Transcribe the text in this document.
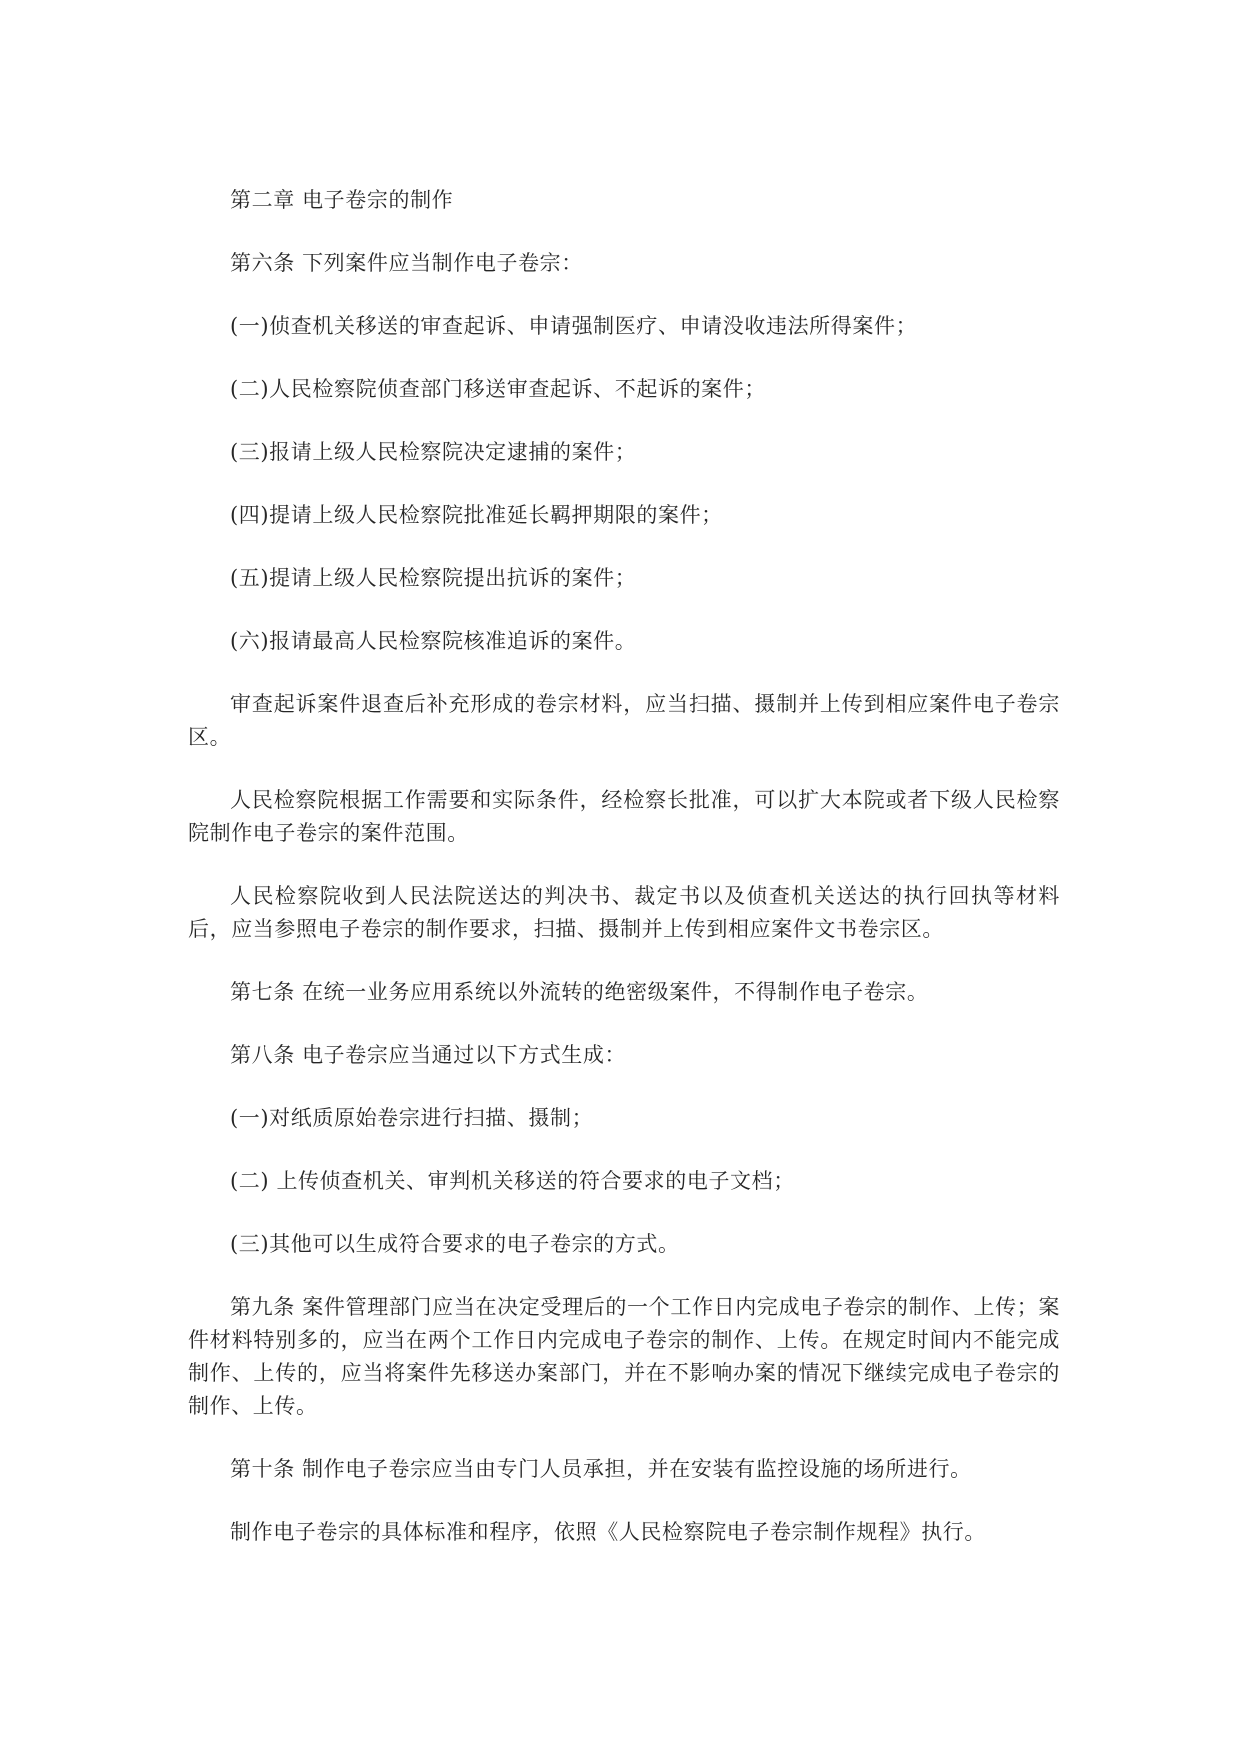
第二章 电子卷宗的制作

第六条 下列案件应当制作电子卷宗：

(一)侦查机关移送的审查起诉、申请强制医疗、申请没收违法所得案件；

(二)人民检察院侦查部门移送审查起诉、不起诉的案件；

(三)报请上级人民检察院决定逮捕的案件；

(四)提请上级人民检察院批准延长羁押期限的案件；

(五)提请上级人民检察院提出抗诉的案件；

(六)报请最高人民检察院核准追诉的案件。

审查起诉案件退查后补充形成的卷宗材料，应当扫描、摄制并上传到相应案件电子卷宗区。

人民检察院根据工作需要和实际条件，经检察长批准，可以扩大本院或者下级人民检察院制作电子卷宗的案件范围。

人民检察院收到人民法院送达的判决书、裁定书以及侦查机关送达的执行回执等材料后，应当参照电子卷宗的制作要求，扫描、摄制并上传到相应案件文书卷宗区。

第七条 在统一业务应用系统以外流转的绝密级案件，不得制作电子卷宗。

第八条 电子卷宗应当通过以下方式生成：

(一)对纸质原始卷宗进行扫描、摄制；

(二) 上传侦查机关、审判机关移送的符合要求的电子文档；

(三)其他可以生成符合要求的电子卷宗的方式。

第九条 案件管理部门应当在决定受理后的一个工作日内完成电子卷宗的制作、上传；案件材料特别多的，应当在两个工作日内完成电子卷宗的制作、上传。在规定时间内不能完成制作、上传的，应当将案件先移送办案部门，并在不影响办案的情况下继续完成电子卷宗的制作、上传。

第十条 制作电子卷宗应当由专门人员承担，并在安装有监控设施的场所进行。

制作电子卷宗的具体标准和程序，依照《人民检察院电子卷宗制作规程》执行。
